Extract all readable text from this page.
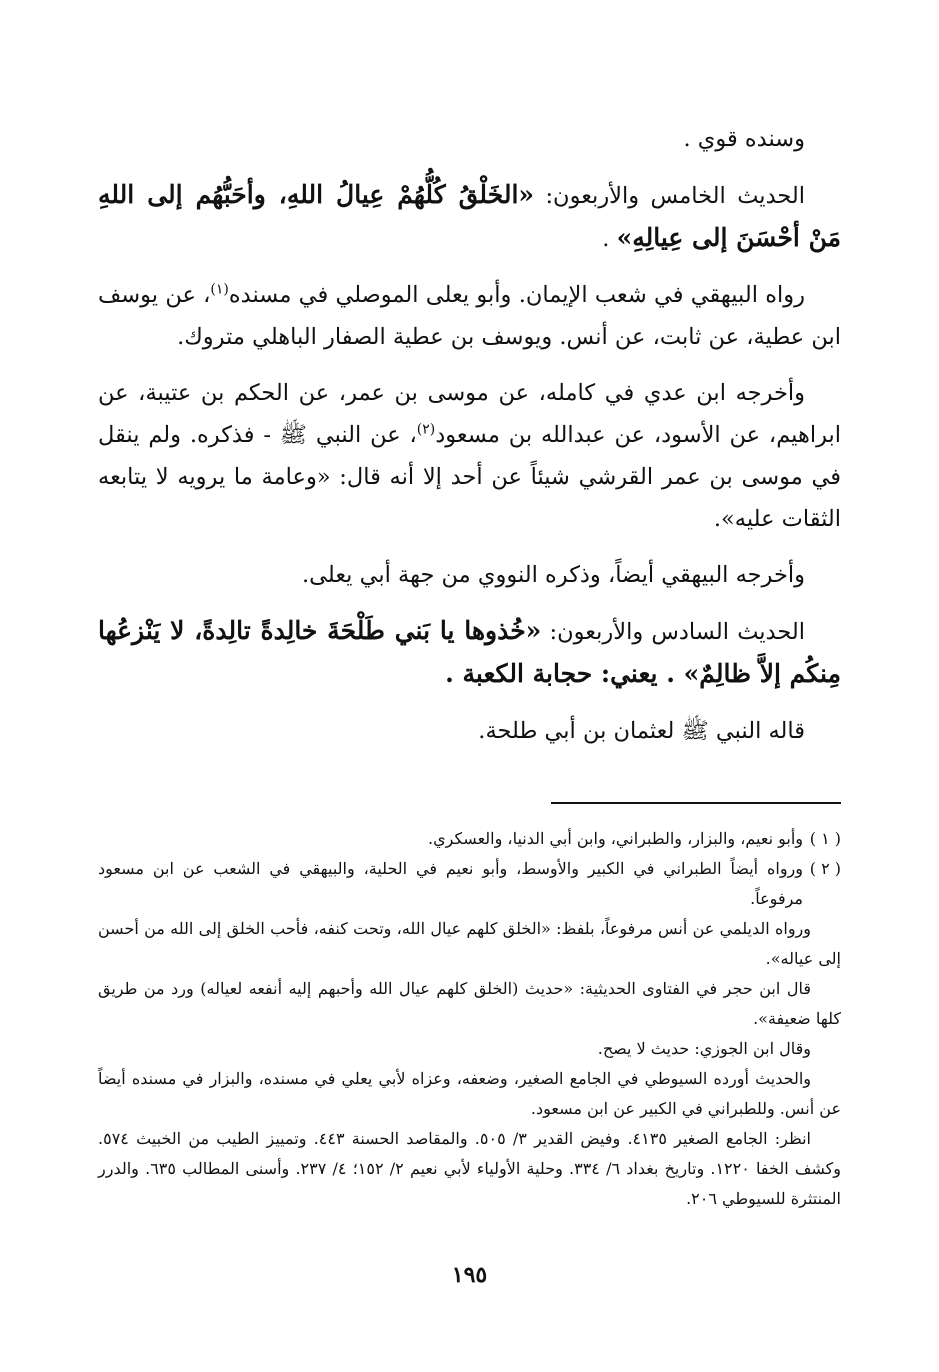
وسنده قوي .

الحديث الخامس والأربعون: «الخَلْقُ كُلُّهُمْ عِيالُ اللهِ، وأحَبُّهُم إلى اللهِ مَنْ أحْسَنَ إلى عِيالِهِ» .

رواه البيهقي في شعب الإيمان. وأبو يعلى الموصلي في مسنده$^{(١)}$، عن يوسف ابن عطية، عن ثابت، عن أنس. ويوسف بن عطية الصفار الباهلي متروك.

وأخرجه ابن عدي في كامله، عن موسى بن عمر، عن الحكم بن عتيبة، عن ابراهيم، عن الأسود، عن عبدالله بن مسعود$^{(٢)}$، عن النبي ﷺ - فذكره. ولم ينقل في موسى بن عمر القرشي شيئاً عن أحد إلا أنه قال: «وعامة ما يرويه لا يتابعه الثقات عليه».

وأخرجه البيهقي أيضاً، وذكره النووي من جهة أبي يعلى.

الحديث السادس والأربعون: «خُذوها يا بَني طَلْحَةَ خالِدةً تالِدةً، لا يَنْزعُها مِنكُم إلاَّ ظالِمٌ» . يعني: حجابة الكعبة .

قاله النبي ﷺ لعثمان بن أبي طلحة.

( ١ )وأبو نعيم، والبزار، والطبراني، وابن أبي الدنيا، والعسكري.

( ٢ )ورواه أيضاً الطبراني في الكبير والأوسط، وأبو نعيم في الحلية، والبيهقي في الشعب عن ابن مسعود مرفوعاً.

ورواه الديلمي عن أنس مرفوعاً، بلفظ: «الخلق كلهم عيال الله، وتحت كنفه، فأحب الخلق إلى الله من أحسن إلى عياله».

قال ابن حجر في الفتاوى الحديثية: «حديث (الخلق كلهم عيال الله وأحبهم إليه أنفعه لعياله) ورد من طريق كلها ضعيفة».

وقال ابن الجوزي: حديث لا يصح.

والحديث أورده السيوطي في الجامع الصغير، وضعفه، وعزاه لأبي يعلي في مسنده، والبزار في مسنده أيضاً عن أنس. وللطبراني في الكبير عن ابن مسعود.

انظر: الجامع الصغير ٤١٣٥. وفيض القدير ٣/ ٥٠٥. والمقاصد الحسنة ٤٤٣. وتمييز الطيب من الخبيث ٥٧٤. وكشف الخفا ١٢٢٠. وتاريخ بغداد ٦/ ٣٣٤. وحلية الأولياء لأبي نعيم ٢/ ١٥٢؛ ٤/ ٢٣٧. وأسنى المطالب ٦٣٥. والدرر المنتثرة للسيوطي ٢٠٦.

١٩٥
